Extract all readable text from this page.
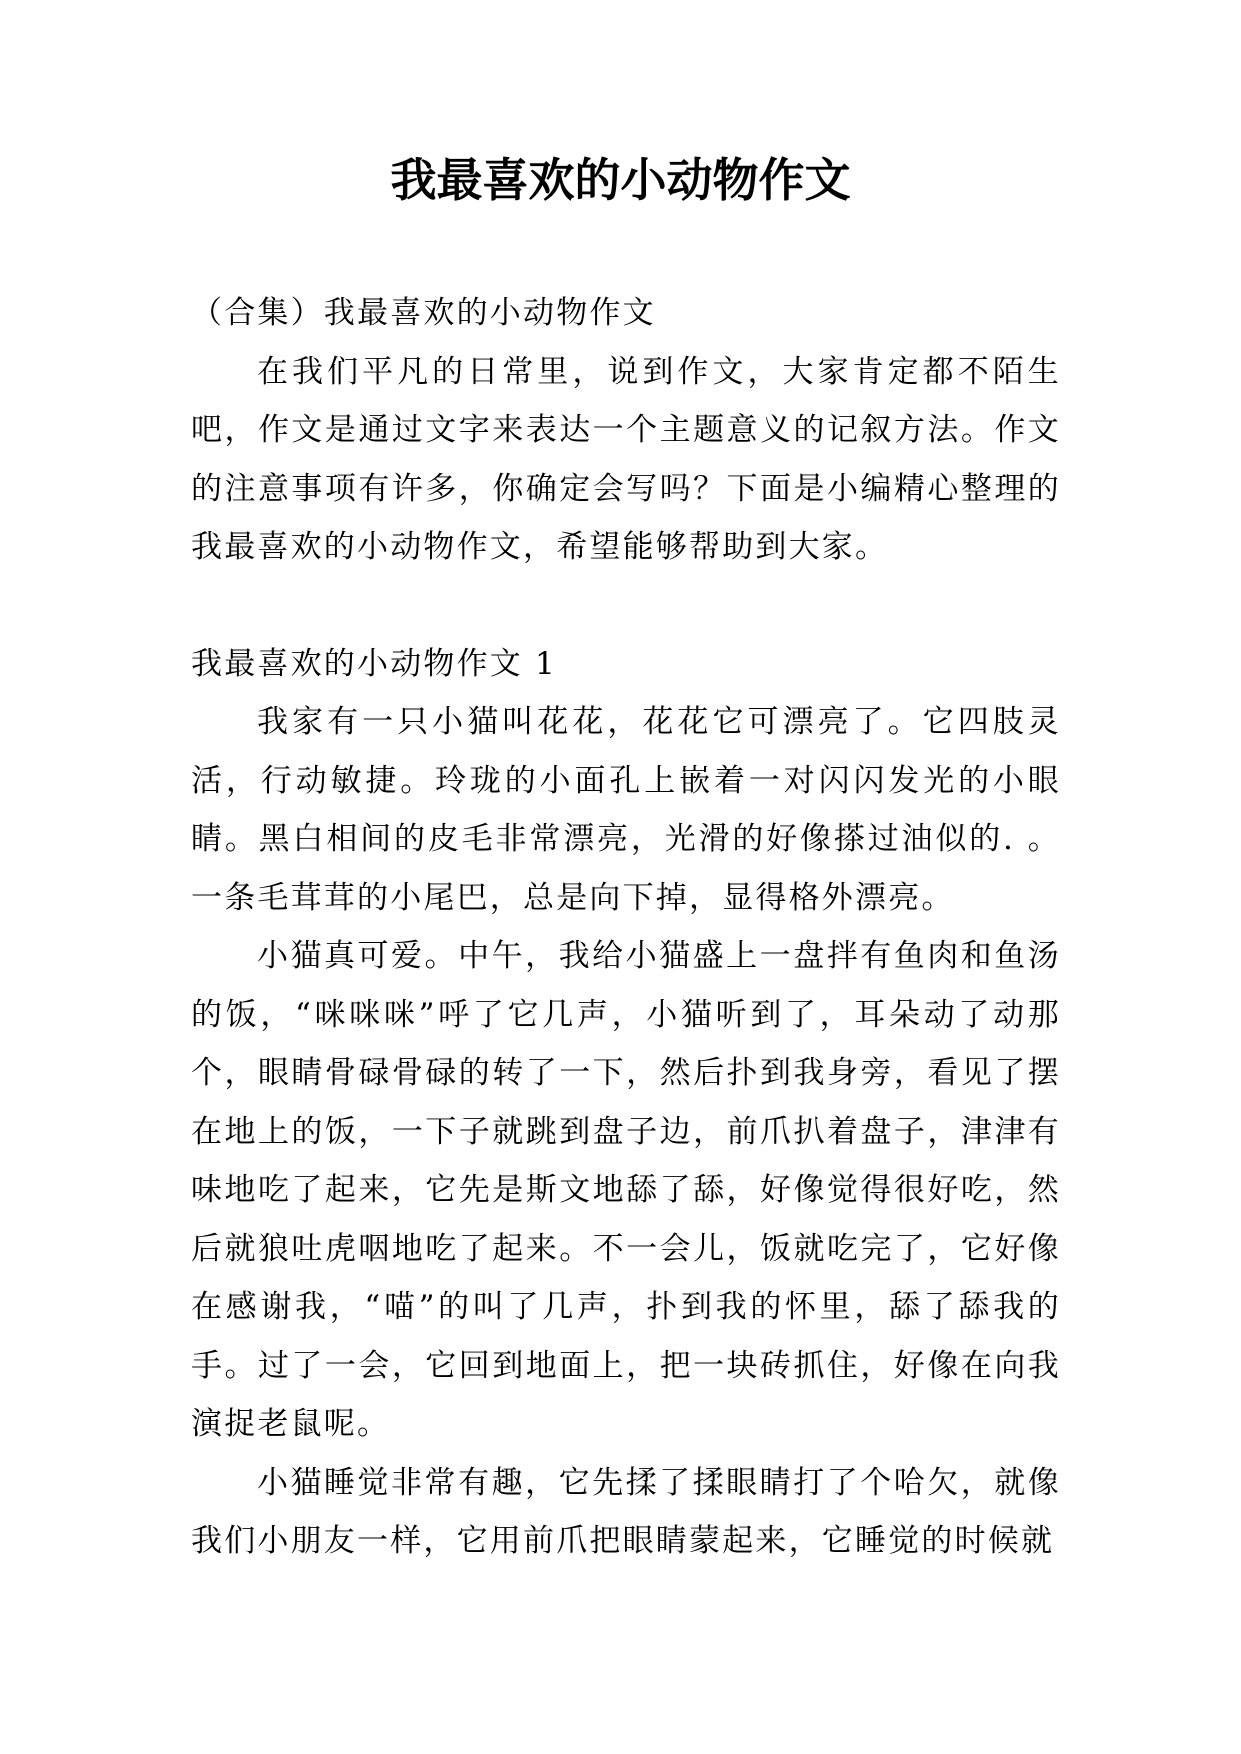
我最喜欢的小动物作文

（合集）我最喜欢的小动物作文

在我们平凡的日常里，说到作文，大家肯定都不陌生吧，作文是通过文字来表达一个主题意义的记叙方法。作文的注意事项有许多，你确定会写吗？下面是小编精心整理的我最喜欢的小动物作文，希望能够帮助到大家。

我最喜欢的小动物作文 1

我家有一只小猫叫花花，花花它可漂亮了。它四肢灵活，行动敏捷。玲珑的小面孔上嵌着一对闪闪发光的小眼睛。黑白相间的皮毛非常漂亮，光滑的好像搽过油似的. 。一条毛茸茸的小尾巴，总是向下掉，显得格外漂亮。

小猫真可爱。中午，我给小猫盛上一盘拌有鱼肉和鱼汤的饭，“咪咪咪”呼了它几声，小猫听到了，耳朵动了动那个，眼睛骨碌骨碌的转了一下，然后扑到我身旁，看见了摆在地上的饭，一下子就跳到盘子边，前爪扒着盘子，津津有味地吃了起来，它先是斯文地舔了舔，好像觉得很好吃，然后就狼吐虎咽地吃了起来。不一会儿，饭就吃完了，它好像在感谢我，“喵”的叫了几声，扑到我的怀里，舔了舔我的手。过了一会，它回到地面上，把一块砖抓住，好像在向我演捉老鼠呢。

小猫睡觉非常有趣，它先揉了揉眼睛打了个哈欠，就像我们小朋友一样，它用前爪把眼睛蒙起来，它睡觉的时候就
